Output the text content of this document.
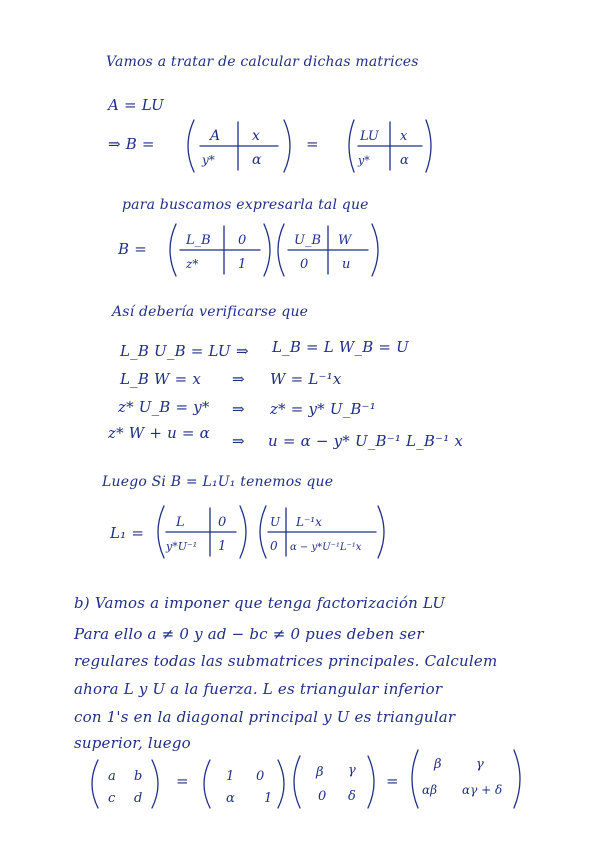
Vamos a tratar de calcular dichas matrices
A = LU
⇒ B =	A x
y*	α
=	LU x
y* α
para buscamos expresarla tal que
B =	L_B 0
z*	1
U_B W
0	u
Así debería verificarse que
L_B U_B = LU ⇒ L_B = L W_B = U
L_B W = x ⇒ W = L⁻¹x
z* U_B = y* ⇒ z* = y* U_B⁻¹
z* W + u = α ⇒ u = α − y* U_B⁻¹ L_B⁻¹ x
Luego Si B = L₁U₁ tenemos que
L₁ =
L	0
y*U⁻¹ 1
U L⁻¹x
0 α − y*U⁻¹L⁻¹x
b) Vamos a imponer que tenga factorización LU
Para ello a ≠ 0 y ad − bc ≠ 0 pues deben ser
regulares todas las submatrices principales. Calculem
ahora L y U a la fuerza. L es triangular inferior
con 1's en la diagonal principal y U es triangular
superior, luego
a b
c d
=	1 0
α 1
β γ
0 δ
=
β	γ
αβ αγ + δ
